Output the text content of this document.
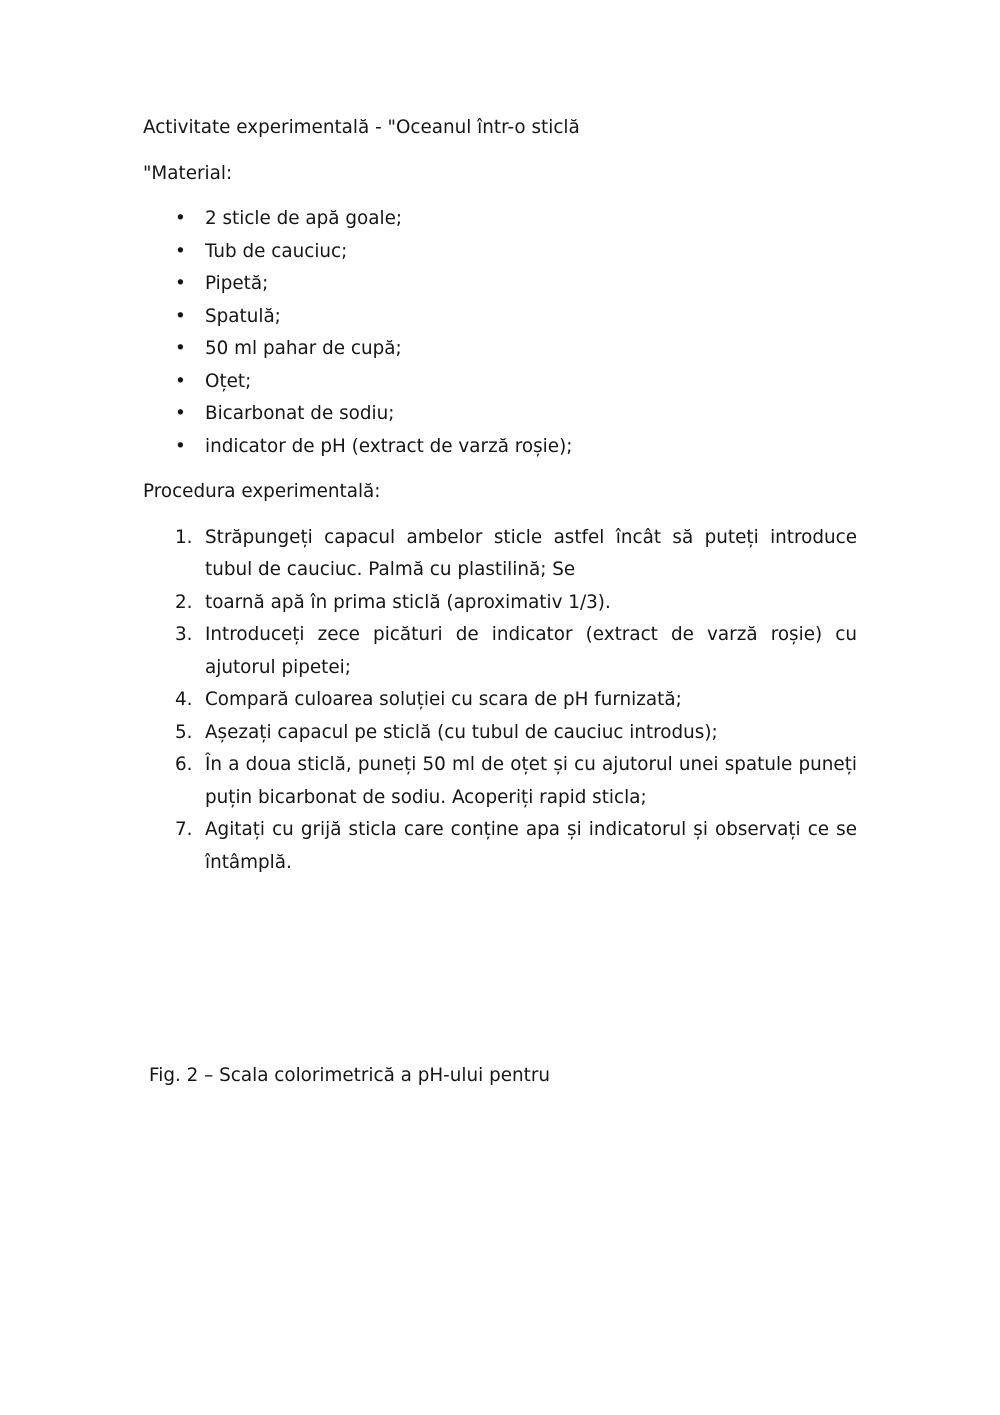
Activitate experimentală - "Oceanul într-o sticlă

"Material:

•	2 sticle de apă goale;
•	Tub de cauciuc;
•	Pipetă;
•	Spatulă;
•	50 ml pahar de cupă;
•	Oțet;
•	Bicarbonat de sodiu;
•	indicator de pH (extract de varză roșie);

Procedura experimentală:

1. Străpungeți capacul ambelor sticle astfel încât să puteți introduce tubul de cauciuc. Palmă cu plastilină; Se
2. toarnă apă în prima sticlă (aproximativ 1/3).
3. Introduceți zece picături de indicator (extract de varză roșie) cu ajutorul pipetei;
4. Compară culoarea soluției cu scara de pH furnizată;
5. Așezați capacul pe sticlă (cu tubul de cauciuc introdus);
6. În a doua sticlă, puneți 50 ml de oțet și cu ajutorul unei spatule puneți puțin bicarbonat de sodiu. Acoperiți rapid sticla;
7. Agitați cu grijă sticla care conține apa și indicatorul și observați ce se întâmplă.

Fig. 2 – Scala colorimetrică a pH-ului pentru
